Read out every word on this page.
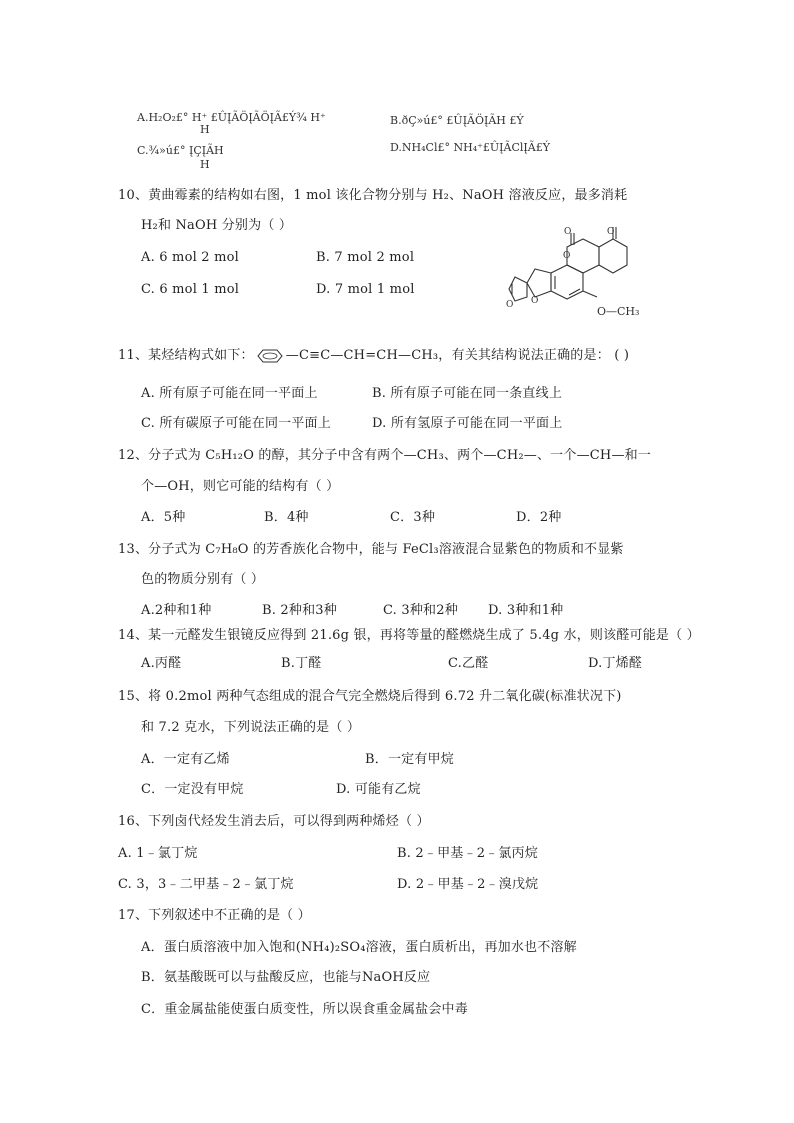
A.H₂O₂£° H⁺ £ÛĮÃÖĮÃÖĮÃ£Ý¾ H⁺
H
B.ðÇ»ú£° £ÛĮÃÖĮÃH £Ý
C.¾»ú£° ĮÇĮÃH
H
D.NH₄Cl£° NH₄⁺£ÛĮÃClĮÃ£Ý
10、黄曲霉素的结构如右图，1 mol 该化合物分别与 H₂、NaOH 溶液反应，最多消耗
H₂和 NaOH 分别为（ ）
A. 6 mol 2 mol	B. 7 mol 2 mol
C. 6 mol 1 mol	D. 7 mol 1 mol
O	O
O
O
O	O—CH₃
11、某烃结构式如下： —C≡C—CH=CH—CH₃，有关其结构说法正确的是： ( )
A. 所有原子可能在同一平面上	B. 所有原子可能在同一条直线上
C. 所有碳原子可能在同一平面上	D. 所有氢原子可能在同一平面上
12、分子式为 C₅H₁₂O 的醇，其分子中含有两个—CH₃、两个—CH₂—、一个—CH—和一
个—OH，则它可能的结构有（ ）
A．5种	B．4种	C．3种	D．2种
13、分子式为 C₇H₈O 的芳香族化合物中，能与 FeCl₃溶液混合显紫色的物质和不显紫
色的物质分别有（ ）
A.2种和1种	B. 2种和3种	C. 3种和2种 D. 3种和1种
14、某一元醛发生银镜反应得到 21.6g 银，再将等量的醛燃烧生成了 5.4g 水，则该醛可能是（ ）
A.丙醛	B.丁醛	C.乙醛	D.丁烯醛
15、将 0.2mol 两种气态组成的混合气完全燃烧后得到 6.72 升二氧化碳(标准状况下)
和 7.2 克水，下列说法正确的是（ ）
A．一定有乙烯	B．一定有甲烷
C．一定没有甲烷	D. 可能有乙烷
16、下列卤代烃发生消去后，可以得到两种烯烃（ ）
A. 1﹣氯丁烷	B. 2﹣甲基﹣2﹣氯丙烷
C. 3，3﹣二甲基﹣2﹣氯丁烷	D. 2﹣甲基﹣2﹣溴戊烷
17、下列叙述中不正确的是（ ）
A．蛋白质溶液中加入饱和(NH₄)₂SO₄溶液，蛋白质析出，再加水也不溶解
B．氨基酸既可以与盐酸反应，也能与NaOH反应
C．重金属盐能使蛋白质变性，所以误食重金属盐会中毒
